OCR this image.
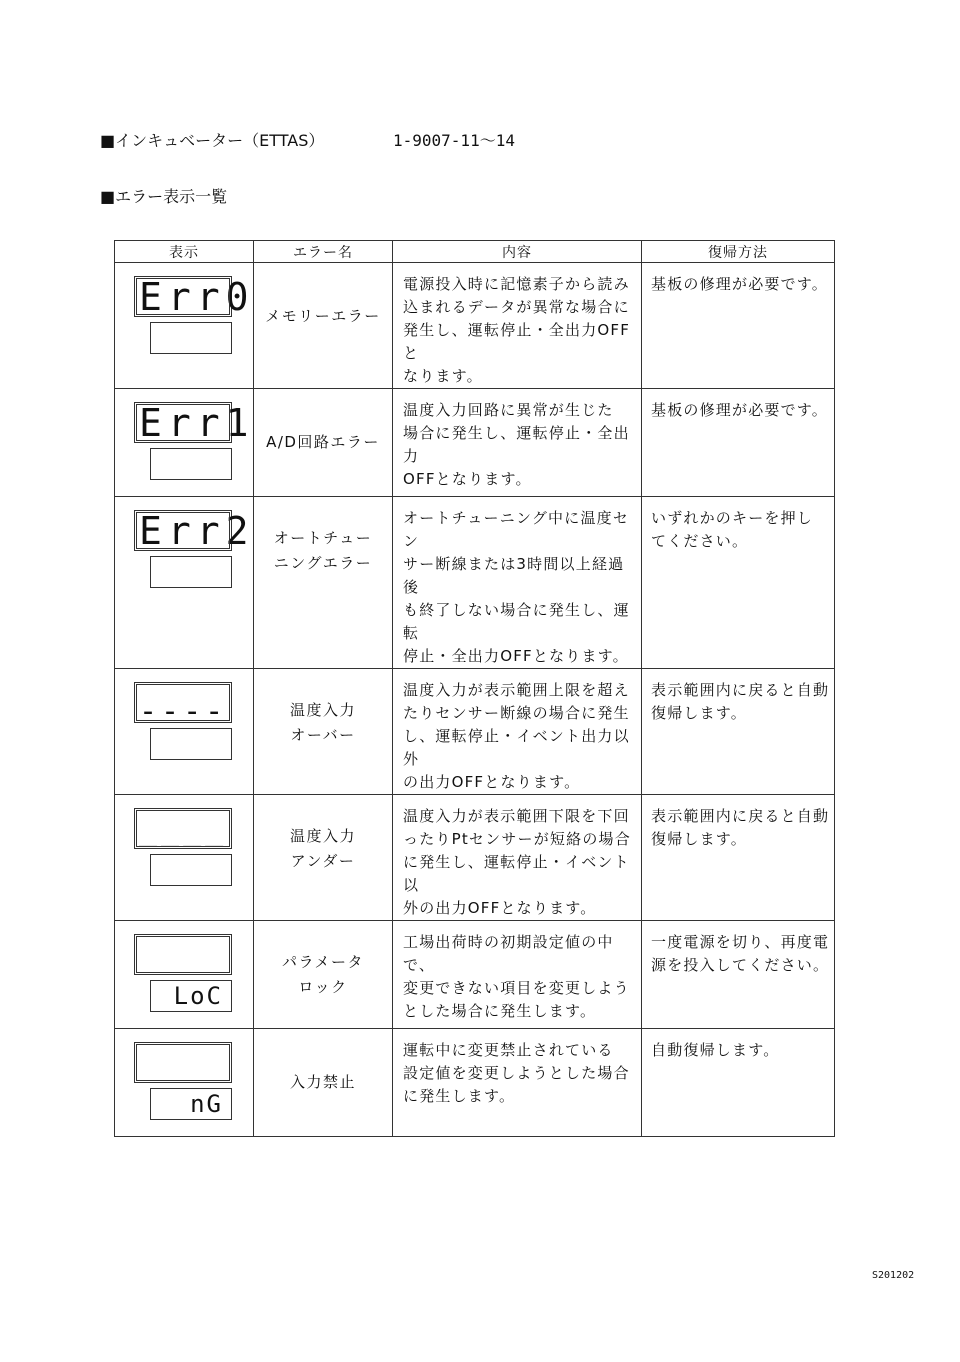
■インキュベーター（ETTAS）	1-9007-11～14
■エラー表示一覧
表示	エラー名	内容	復帰方法

Err0	メモリーエラー	電源投入時に記憶素子から読み
込まれるデータが異常な場合に
発生し、運転停止・全出力OFFと
なります。	基板の修理が必要です。

Err1	A/D回路エラー	温度入力回路に異常が生じた
場合に発生し、運転停止・全出力
OFFとなります。	基板の修理が必要です。

Err2	オートチュー
ニングエラー	オートチューニング中に温度セン
サー断線または3時間以上経過後
も終了しない場合に発生し、運転
停止・全出力OFFとなります。	いずれかのキーを押し
てください。

----	温度入力
オーバー	温度入力が表示範囲上限を超え
たりセンサー断線の場合に発生
し、運転停止・イベント出力以外
の出力OFFとなります。	表示範囲内に戻ると自動
復帰します。

____	温度入力
アンダー	温度入力が表示範囲下限を下回
ったりPtセンサーが短絡の場合
に発生し、運転停止・イベント以
外の出力OFFとなります。	表示範囲内に戻ると自動
復帰します。

LoC	パラメータ
ロック	工場出荷時の初期設定値の中で、
変更できない項目を変更しよう
とした場合に発生します。	一度電源を切り、再度電
源を投入してください。

nG	入力禁止	運転中に変更禁止されている
設定値を変更しようとした場合
に発生します。	自動復帰します。
S201202
